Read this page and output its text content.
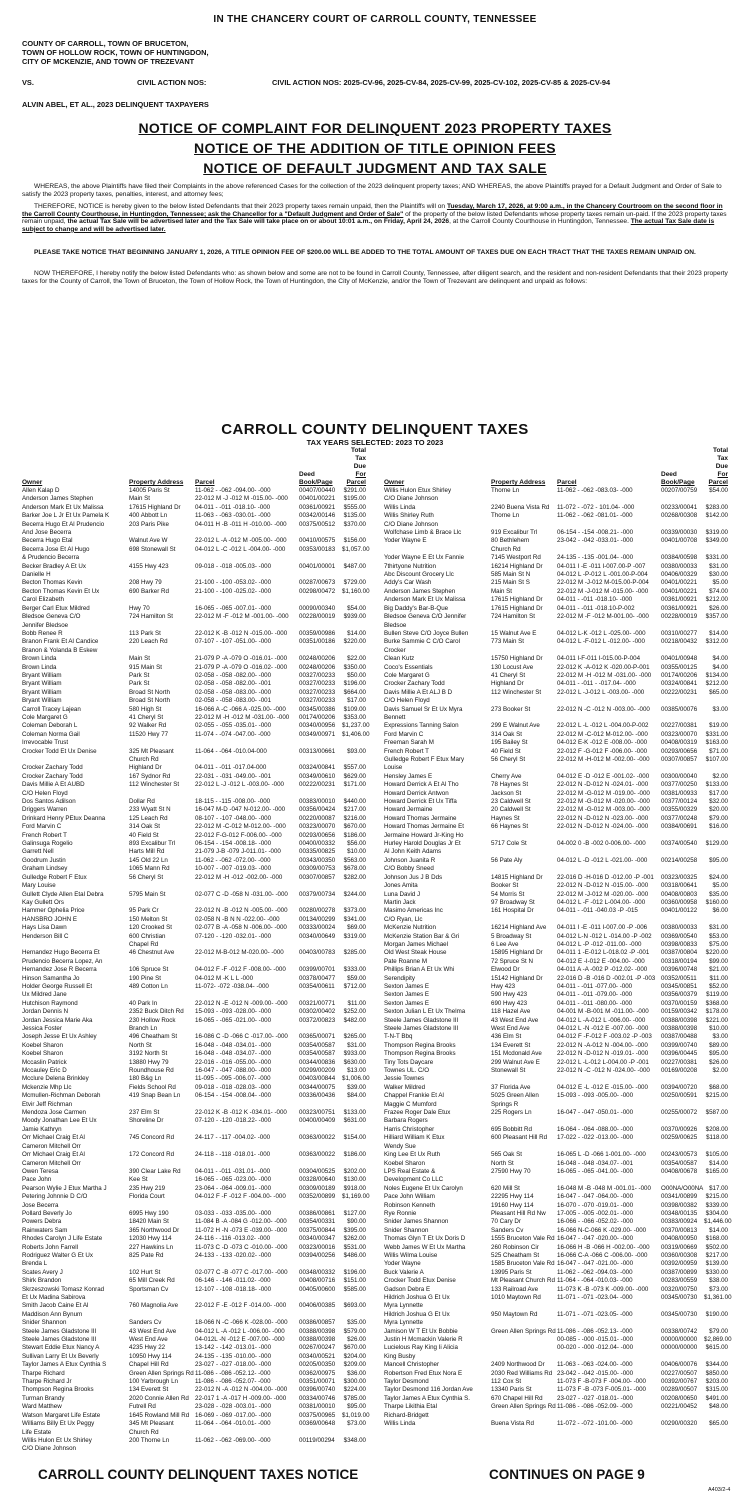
IN THE CHANCERY COURT OF CARROLL COUNTY, TENNESSEE
COUNTY OF CARROLL, TOWN OF BRUCETON,
TOWN OF HOLLOW ROCK, TOWN OF HUNTINGDON,
CITY OF MCKENZIE, AND TOWN OF TREZEVANT
VS.	CIVIL ACTION NOS:	CIVIL ACTION NOS: 2025-CV-96, 2025-CV-84, 2025-CV-99, 2025-CV-102, 2025-CV-85 & 2025-CV-94
ALVIN ABEL, ET AL., 2023 DELINQUENT TAXPAYERS
NOTICE OF COMPLAINT FOR DELINQUENT 2023 PROPERTY TAXES
NOTICE OF THE ADDITION OF TITLE OPINION FEES
NOTICE OF DEFAULT JUDGMENT AND TAX SALE
WHEREAS, the above Plaintiffs have filed their Complaints in the above referenced Cases for the collection of the 2023 delinquent property taxes; AND WHEREAS, the above Plaintiffs prayed for a Default Judgment and Order of Sale to satisfy the 2023 property taxes, penalties, interest, and attorney fees;
THEREFORE, NOTICE is hereby given to the below listed Defendants that their 2023 property taxes remain unpaid, then the Plaintiffs will on Tuesday, March 17, 2026, at 9:00 a.m., in the Chancery Courtroom on the second floor in the Carroll County Courthouse, in Huntingdon, Tennessee; ask the Chancellor for a "Default Judgment and Order of Sale" of the property of the below listed Defendants whose property taxes remain un-paid. If the 2023 property taxes remain unpaid, the actual Tax Sale will be advertised later and the Tax Sale will take place on or about 10:01 a.m., on Friday, April 24, 2026, at the Carroll County Courthouse in Huntingdon, Tennessee. The actual Tax Sale date is subject to change and will be advertised later.
PLEASE TAKE NOTICE THAT BEGINNING JANUARY 1, 2026, A TITLE OPINION FEE OF $200.00 WILL BE ADDED TO THE TOTAL AMOUNT OF TAXES DUE ON EACH TRACT THAT THE TAXES REMAIN UNPAID ON.
NOW THEREFORE, I hereby notify the below listed Defendants who: as shown below and some are not to be found in Carroll County, Tennessee, after diligent search, and the resident and non-resident Defendants that their 2023 property taxes for the County of Carroll, the Town of Bruceton, the Town of Hollow Rock, the Town of Huntingdon, the City of McKenzie, and/or the Town of Trezevant are delinquent and unpaid as follows:
CARROLL COUNTY DELINQUENT TAXES
TAX YEARS SELECTED: 2023 TO 2023
Owner	Property Address	Parcel	Deed
Book/Page	Total Tax Due
For Parcel
Allen Kalap D	14005 Paris St	11-062 - -062 -094.00- -000	00407/00440	$291.00
Anderson James Stephen	Main St	22-012 M -J -012 M -015.00- -000	00401/00221	$195.00
Anderson Mark Et Ux Malissa	17615 Highland Dr	04-011 - -011 -018.10- -000	00361/00921	$555.00
Barker Joe L Jr Et Ux Pamela K	400 Abbott Ln	11-063 - -063 -030.01- -000	00342/00146	$135.00
Becerra Hugo Et Al Prudencio	203 Paris Pike	04-011 H -B -011 H -010.00- -000	00375/00512	$370.00
And Jose Becerra				
Becerra Hugo Etal	Walnut Ave W	22-012 L -A -012 M -005.00- -000	00410/00575	$156.00
Becerra Jose Et Al Hugo	698 Stonewall St	04-012 L -C -012 L -004.00- -000	00353/00183	$1,057.00
& Prudencio Becerra				
Becker Bradley A Et Ux	4155 Hwy 423	09-018 - -018 -005.03- -000	00401/00001	$487.00
Danielle H				
Becton Thomas Kevin	208 Hwy 79	21-100 - -100 -053.02- -000	00287/00673	$729.00
Becton Thomas Kevin Et Ux	690 Barker Rd	21-100 - -100 -025.02- -000	00298/00472	$1,160.00
Carol Elizabeth				
Berger Carl Etux Mildred	Hwy 70	16-065 - -065 -007.01- -000	00090/00340	$54.00
Bledsoe Geneva C/O	724 Hamilton St	22-012 M -F -012 M -001.00- -000	00228/00019	$939.00
Jennifer Bledsoe				
Bobb Renee R	113 Park St	22-012 K -B -012 N -015.00- -000	00359/00986	$14.00
Branon Frank Et Al Candice	220 Leach Rd	07-107 - -107 -051.00- -000	00351/00186	$220.00
Branon & Yolanda B Eskew				
Brown Linda	Main St	21-079 P -A -079 O -016.01- -000	00248/00206	$22.00
Brown Linda	915 Main St	21-079 P -A -079 O -016.02- -000	00248/00206	$350.00
Bryant William	Park St	02-058 - -058 -082.00- -000	00327/00233	$50.00
Bryant William	Park St	02-058 - -058 -082.00- -001	00327/00233	$196.00
Bryant William	Broad St North	02-058 - -058 -083.00- -000	00327/00233	$664.00
Bryant William	Broad St North	02-058 - -058 -083.00- -001	00327/00233	$17.00
Carroll Tracey Lajean	580 High St	16-066 A -C -066 A -025.00- -000	00345/00386	$109.00
Cole Margaret G	41 Cheryl St	22-012 M -H -012 M -031.00- -000	00174/00206	$353.00
Coleman Deborah L	92 Walker Rd	02-055 - -055 -035.01- -000	00340/00956	$1,237.00
Coleman Norma Gail	11520 Hwy 77	11-074 - -074 -047.00- -000	00349/00971	$1,406.00
Irrevocable Trust				
Crocker Todd Et Ux Denise	325 Mt Pleasant	11-064 - -064 -010.04-000	00313/00661	$93.00
	Church Rd			
Crocker Zachary Todd	Highland Dr	04-011 - -011 -017.04-000	00324/00841	$557.00
Crocker Zachary Todd	167 Sydnor Rd	22-031 - -031 -049.00- -001	00349/00610	$629.00
Davis Millie A Et AUBD	112 Winchester St	22-012 L -J -012 L -003.00- -000	00222/00231	$171.00
C/O Helen Floyd				
Dos Santos Adilson	Dollar Rd	18-115 - -115 -008.00- -000	00383/00010	$440.00
Driggers Warren	233 Wyatt St N	16-047 M-D -047 N-012.00- -000	00356/00424	$217.00
Drinkard Henry PEtux Deanna	125 Leach Rd	08-107 - -107 -048.00- -000	00220/00087	$216.00
Ford Marvin C	314 Oak St	22-012 M -C-012 M-012.00- -000	00323/00070	$670.00
French Robert T	40 Field St	22-012 F-G-012 F-006.00- -000	00293/00656	$186.00
Galinsuga Rogelio	893 Excalibur Trl	06-154 - -154 -008.18- -000	00400/00332	$56.00
Garrett Nell	Harts Mill Rd	21-079 J-B -079 J-011.01- -000	00335/00825	$10.00
Goodrum Justin	145 Old 22 Ln	11-062 - -062 -072.00- -000	00343/00350	$563.00
Graham Lindsey	1065 Mann Rd	10-007 - -007 -019.03- -000	00309/00753	$678.00
Gulledge Robert F Etux	56 Cheryl St	22-012 M -H -012 -002.00- -000	00307/00857	$282.00
Mary Louise				
Gullett Clyde Allen Etal Debra	5795 Main St	02-077 C -D -058 N -031.00- -000	00379/00734	$244.00
Kay Gullett Ors				
Hammer Ophelia Price	95 Park Cr	22-012 N -B -012 N -005.00- -000	00280/00278	$373.00
HANSBRO JOHN E	150 Melton St	02-058 N -B N N -022.00- -000	00134/00299	$341.00
Hays Lisa Dawn	120 Crooked St	02-077 B -A -058 N -006.00- -000	00333/00024	$69.00
Henderson Bill C	600 Christian	07-120 - -120 -032.01- -000	00340/00649	$319.00
	Chapel Rd			
Hernandez Hugo Becerra Et	46 Chestnut Ave	22-012 M-B-012 M-020.00- -000	00403/00783	$285.00
Prudencio Becerra Lopez, An				
Hernandez Jose R Becerra	106 Spruce St	04-012 F -F -012 F -008.00- -000	00399/00701	$333.00
Hinson Samantha Jo	190 Pine St	04-012 M -K L L -000	00378/00477	$59.00
Holder George Russell Et	489 Cotton Ln	11-072- -072 -038.04- -000	00354/00611	$712.00
Ux Mildred Jane				
Hutchison Raymond	40 Park In	22-012 N -E -012 N -009.00- -000	00321/00771	$11.00
Jordan Dennis N	2352 Buck Ditch Rd	15-093 - -093 -028.00- -000	00302/00402	$252.00
Jordan Jessica Marie Aka	230 Hollow Rock	16-065 - -065 -021.00- -000	00372/00823	$482.00
Jessica Foster	Branch Ln			
Joseph Jesse Et Ux Ashley	496 Cheatham St	16-086 C -D -066 C -017.00- -000	00365/00071	$265.00
Koebel Sharon	North St	16-048 - -048 -034.01- -000	00354/00587	$31.00
Koebel Sharon	3192 North St	16-048 - -048 -034.07- -000	00354/00587	$933.00
Mccaslin Patrick	13880 Hwy 79	22-016 - -016 -055.00- -000	00344/00836	$630.00
Mccauley Eric D	Roundhouse Rd	16-047 - -047 -088.00- -000	00299/00209	$13.00
Mcclure Delena Brinkley	180 B&g Ln	11-095 - -095 -006.07- -000	00403/00844	$1,006.00
Mckenzie Mhp Llc	Fields School Rd	09-018 - -018 -028.03- -000	00344/00075	$39.00
Mcmullen-Richman Deborah	419 Snap Bean Ln	06-154 - -154 -008.04- -000	00336/00436	$84.00
Etvir Jeff Richman				
Mendoza Jose Carmen	237 Elm St	22-012 K -B -012 K -034.01- -000	00323/00751	$133.00
Moody Jonathan Lee Et Ux	Shoreline Dr	07-120 - -120 -018.22- -000	00400/00409	$631.00
Jamie Kathryn				
Orr Michael Craig Et Al	745 Concord Rd	24-117 - -117 -004.02- -000	00363/00022	$154.00
Cameron Mitchell Orr				
Orr Michael Craig Et Al	172 Concord Rd	24-118 - -118 -018.01- -000	00363/00022	$186.00
Cameron Mitchell Orr				
Owen Teresa	390 Clear Lake Rd	04-011 - -011 -031.01- -000	00304/00525	$202.00
Pace John	Kee St	16-065 - -065 -023.00- -000	00328/00640	$130.00
Pearson Wylie J Etux Martha J	235 Hwy 219	23-064 - -064 -009.01- -000	00309/00189	$918.00
Petering Johnnie D C/O	Florida Court	04-012 F -F -012 F -004.00- -000	00352/00899	$1,169.00
Jose Becerra				
Pollard Beverly Jo	6995 Hwy 190	03-033 - -033 -035.00- -000	00386/00861	$127.00
Powers Debra	18420 Main St	11-084 B -A -084 G -012.00- -000	00354/00331	$90.00
Rainwaters Sam	365 Northwood Dr	11-072 H -N -073 E -039.00- -000	00375/00844	$395.00
Rhodes Carolyn J Life Estate	12030 Hwy 114	24-116 - -116 -013.02- -000	00340/00347	$262.00
Roberts John Farrell	227 Hawkins Ln	11-073 C -D -073 C -010.00- -000	00323/00016	$531.00
Rodriguez Walter G Et Ux	825 Pate Rd	24-133 - -133 -020.02- -000	00394/00256	$486.00
Brenda L				
Scates Avery J	102 Hurt St	02-077 C -B -077 C -017.00- -000	00348/00332	$196.00
Shirk Brandon	65 Mill Creek Rd	06-146 - -146 -011.02- -000	00408/00716	$151.00
Skrzeszowski Tomasz Konrad	Sportsman Cv	12-107 - -108 -018.18- -000	00405/00600	$585.00
Et Ux Madina Sabirova				
Smith Jacob Caine Et Al	760 Magnolia Ave	22-012 F -E -012 F -014.00- -000	00406/00385	$693.00
Maddison Ann Bynum				
Snider Shannon	Sanders Cv	18-066 N -C -066 K -028.00- -000	00386/00857	$35.00
Steele James Gladstone III	43 West End Ave	04-012 L -A -012 L -006.00- -000	00388/00398	$579.00
Steele James Gladstone III	West End Ave	04-012L -N -012 E -007.00- -000	00388/00398	$26.00
Stewart Eddie Etux Nancy A	4235 Hwy 22	13-142 - -142 -013.01- -000	00267/00247	$670.00
Sullivan Larry Et Ux Beverly	10950 Hwy 114	24-135 - -135 -010.00- -000	00340/00521	$204.00
Taylor James A Etux Cynthia S	Chapel Hill Rd	23-027 - -027 -018.00- -000	00205/00350	$209.00
Tharpe Richard	Green Allen Springs Rd	11-086 - -086 -052.12- -000	00362/00975	$36.00
Tharpe Richard Jr	100 Yarbrough Ln	11-086 - -086 -052.07- -000	00351/00071	$300.00
Thompson Regina Brooks	134 Everett St	22-012 N -A -012 N -004.00- -000	00396/00740	$224.00
Turman Brandy	2020 Connie Allen Rd	22-017 1 -A -017 H -009.00- -000	00334/00746	$785.00
Ward Matthew	Futrell Rd	23-028 - -028 -003.01- -000	00381/00010	$95.00
Watson Margaret Life Estate	1645 Rowland Mill Rd	16-069 - -069 -017.00- -000	00375/00965	$1,019.00
Williams Billy Et Ux Peggy	345 Mt Pleasant	11-064 - -064 -010.01- -000	00369/00648	$73.00
Life Estate	Church Rd			
Willis Hulon Et Ux Shirley	200 Thorne Ln	11-062 - -062 -069.00- -000	00119/00294	$348.00
C/O Diane Johnson				
Owner	Property Address	Parcel	Deed
Book/Page	Total Tax Due
For Parcel
Willis Hulon Etux Shirley	Thorne Ln	11-062 - -062 -083.03- -000	00207/00759	$54.00
C/O Diane Johnson				
Willis Linda	2240 Buena Vista Rd	11-072 - -072 - 101.04- -000	00233/00041	$283.00
Willis Shirley Ruth	Thorne Ln	11-062 - -062 -081.01- -000	00268/00308	$142.00
C/O Diane Johnson				
Wolfchase Limb & Brace Llc	919 Excalibur Trl	06-154 - -154 -008.21- -000	00339/00030	$319.00
Yoder Wayne E	80 Bethlehem	23-042 - -042 -033.01- -000	00401/00708	$349.00
	Church Rd			
Yoder Wayne E Et Ux Fannie	7145 Westport Rd	24-135 - -135 -001.04- -000	00384/00598	$331.00
7thirtyone Nutrition	16214 Highland Dr	04-011 I -E -011 I-007.00-P -007	00380/00033	$31.00
Abc Discount Grocery Llc	585 Main St N	04-012 L -P-012 L -001.00-P-004	00406/00329	$30.00
Addy's Car Wash	215 Main St S	22-012 M -J-012 M-015.00-P-004	00401/00221	$5.00
Anderson James Stephen	Main St	22-012 M -J-012 M -015.00- -000	00401/00221	$74.00
Anderson Mark Et Ux Malissa	17615 Highland Dr	04-011 - -011 -018.10- -000	00361/00921	$212.00
Big Daddy's Bar-B-Que	17615 Highland Dr	04-011 - -011 -018.10-P-002	00361/00921	$26.00
Bledsoe Geneva C/O Jennifer	724 Hamilton St	22-012 M -F -012 M-001.00- -000	00228/00019	$357.00
Bledsoe				
Bullen Steve C/O Joyce Bullen	15 Walnut Ave E	04-012 L-K -012 L -025.00- -000	00310/00277	$14.00
Burke Sammie C C/O Carol	773 Main St	04-012 L -F-012 L -012.00- -000	00218/00432	$312.00
Crocker				
Clean Kutz	15750 Highland Dr	04-011 I-F-011 I-015.00-P-004	00401/00948	$4.00
Coco's Essentials	130 Locust Ave	22-012 K -A-012 K -020.00-P-001	00355/00125	$4.00
Cole Margaret G	41 Cheryl St	22-012 M -H -012 M -031.00- -000	00174/00206	$134.00
Crocker Zachary Todd	Highland Dr	04-011 - -011 - -017.04- -000	00324/00841	$212.00
Davis Millie A Et ALJ B D	112 Winchester St	22-012 L -J-012 L -003.00- -000	00222/00231	$65.00
C/O Helen Floyd				
Davis Samuel Sr Et Ux Myra	273 Booker St	22-012 N -C -012 N -003.00- -000	00385/00076	$3.00
Bennett				
Expressions Tanning Salon	299 E Walnut Ave	22-012 L -L -012 L -004.00-P-002	00227/00381	$19.00
Ford Marvin C	314 Oak St	22-012 M -C-012 M-012.00- -000	00323/00070	$331.00
Freeman Sarah M	195 Bailey St	04-012 E-K -012 E -008.00- -000	00408/00319	$163.00
French Robert T	40 Field St	22-012 F -G-012 F -006.00- -000	00293/00656	$71.00
Gulledge Robert F Etux Mary	56 Cheryl St	22-012 M -H-012 M -002.00- -000	00307/00857	$107.00
Louise				
Hensley James E	Cherry Ave	04-012 E -D -012 E -001.02- -000	00300/00040	$2.00
Howard Derrick A Et Al Tho	78 Haynes St	22-012 N -D-012 N -024.01- -000	00377/00250	$133.00
Howard Derrick Antwon	Jackson St	22-012 M -G-012 M -019.00- -000	00381/00933	$17.00
Howard Derrick Et Ux Tiffa	23 Caldwell St	22-012 M -G-012 M -020.00- -000	00377/00124	$32.00
Howard Jermaine	20 Caldwell St	22-012 M -G-012 M -003.00- -000	00355/00329	$20.00
Howard Thomas Jermaine	Haynes St	22-012 N -D-012 N -023.00- -000	00377/00248	$79.00
Howard Thomas Jermaine Et	66 Haynes St	22-012 N -D-012 N -024.00- -000	00384/00691	$16.00
Jermaine Howard Jr-King Ho				
Hurley Harold Douglas Jr Et	5717 Cole St	04-002 0 -B -002 0-006.00- -000	00374/00540	$129.00
Al John Keith Adams				
Johnson Juanita R	56 Pate Aly	04-012 L -D -012 L -021.00- -000	00214/00258	$95.00
C/O Bobby Sneed				
Johnson Jus J B Dds	14815 Highland Dr	22-016 D -H-016 D -012.00 -P -001	00323/00325	$24.00
Jones Amita	Booker St	22-012 N -D-012 N -015.00- -000	00318/00641	$5.00
Luna David J	54 Morris St	22-012 M -J-012 M -020.00- -000	00408/00803	$35.00
Martin Jack	97 Broadway St	04-012 L -F -012 L-004.00- -000	00360/00958	$160.00
Masimo Americas Inc	161 Hospital Dr	04-011 - -011 -040.03 -P -015	00401/00122	$6.00
C/O Ryan, Llc				
McKenzie Nutrition	16214 Highland Ave	04-011 I -E -011 I-007.00 -P -006	00380/00033	$31.00
McKenzie Station Bar & Gri	5 Broadway St	04-012 L-N -012 L -014.00 -P -002	00369/00540	$53.00
Morgan James Michael	6 Lee Ave	04-012 L -P -012 -011.00- -000	00398/00833	$75.00
Old West Steak House	15895 Highland Dr	04-011 1 -E-012 L-018.02 -P -001	00387/00804	$220.00
Pate Roanne M	72 Spruce St N	04-012 E -I-012 E -004.00- -000	00318/00194	$99.00
Phillips Brian A Et Ux Whi	Elwood Dr	04-011 A -A -002 P -012.02- -000	00396/00748	$21.00
Serendipity	15142 Highland Dr	22-016 D -B -016 D -002.01 -P -003	00352/00511	$11.00
Sexton James E	Hwy 423	04-011 - -011 -077.00- -000	00345/00851	$52.00
Sexton James E	590 Hwy 423	04-011 - -011 -079.00- -000	00356/00379	$119.00
Sexton James E	690 Hwy 423	04-011 - -011 -080.00- -000	00370/00159	$368.00
Sexton Julian L Et Ux Thelma	118 Hazel Ave	04-001 M -B-001 M -011.00- -000	00159/00342	$178.00
Steele James Gladstone III	43 West End Ave	04-012 L -A-012 L -006.00- -000	00388/00398	$221.00
Steele James Gladstone III	West End Ave	04-012 L -N -012 E -007.00- -000	00388/00398	$10.00
T-N-T Bbq	436 Elm St	04-012 F -F-012 F -003.02 -P -003	00387/00488	$3.00
Thompson Regina Brooks	134 Everett St	22-012 N -A-012 N -004.00- -000	00399/00740	$89.00
Thompson Regina Brooks	151 Mcdonald Ave	22-012 N -D-012 N -019.01- -000	00396/00445	$95.00
Tiny Tots Daycare	299 Walnut Ave E	22-012 L -L-012 L-004.00 -P -001	00227/00381	$26.00
Townes UL. C/O	Stonewall St	22-012 N -C -012 N -024.00- -000	00169/00208	$2.00
Jessie Townes				
Walker Mildred	37 Florida Ave	04-012 E -L -012 E -015.00- -000	00394/00720	$68.00
Chappel Frankie Et Al	5025 Green Allen	15-093 - -093 -005.00- -000	00250/00591	$215.00
Maggie C Mumford	Springs R			
Frazee Roger Dale Etux	225 Rogers Ln	16-047 - -047 -050.01- -000	00255/00072	$587.00
Barbara Rogers				
Harris Christopher	695 Bobbitt Rd	16-064 - -064 -088.00- -000	00370/00926	$208.00
Hilliard William K Etux	600 Pleasant Hill Rd	17-022 - -022 -013.00- -000	00259/00625	$118.00
Wendy Sue				
King Lee Et Ux Ruth	565 Oak St	16-065 L -D -066 1-001.00- -000	00243/00573	$105.00
Koebel Sharon	North St	16-048 - -048 -034.07- -001	00354/00587	$14.00
LPS Real Estate &	27590 Hwy 70	16-065 - -065 -041.00- -000	00408/00678	$165.00
Development Co LLC				
Noles Eugene Et Ux Carolyn	620 Mill St	16-048 M -B -048 M -001.01- -000	O00NA/O00NA	$17.00
Pace John William	22295 Hwy 114	16-047 - -047 -064.00- -000	00341/00899	$215.00
Robinson Kenneth	19160 Hwy 114	16-070 - -070 -019.01- -000	00398/00382	$339.00
Rye Ronnie	Pleasant Hill Rd Nw	17-005 - -005 -002.01- -000	00348/00135	$304.00
Snider James Shannon	70 Cary Dr	16-066 - -066 -052.02- -000	00383/00924	$1,446.00
Snider Shannon	Sanders Cv	16-066 N-C-066 K -029.00- -000	00370/00813	$14.00
Thomas Glyn T Et Ux Doris D	1555 Bruceton Vale Rd	16-047 - -047 -020.00- -000	00408/00950	$168.00
Webb James W Et Ux Martha	260 Robinson Cir	16-066 H -B -066 H -002.00- -000	00319/00669	$502.00
Willis Wilma Louise	525 Cheatham St	16-066 C-A -066 C -006.00- -000	00360/00308	$217.00
Yoder Wayne	1585 Bruceton Vale Rd	16-047 - -047 -021.00- -000	00392/00959	$139.00
Buck Valerie A	13995 Paris St	11-062 - -062 -094.03- -000	00387/00899	$330.00
Crocker Todd Etux Denise	Mt Pleasant Church Rd	11-064 - -064 -010.03- -000	00283/00559	$38.00
Gadson Debra E	133 Railroad Ave	11-073 K -B -073 K -009.00- -000	00320/00750	$73.00
Hildrich Joshua G Et Ux	1010 Maytown Rd	11-071 - -071 -023.04- -000	00345/00730	$1,361.00
Myra Lynnette				
Hildrich Joshua G Et Ux	950 Maytown Rd	11-071 - -071 -023.05- -000	00345/00730	$190.00
Myra Lynnette				
Jamison W T Et Ux Bobbie	Green Allen Springs Rd	11-086 - -086 -052.13- -000	00338/00742	$79.00
Justin H Mcmackin Valerie R		00-085 - -000 -015.01- -000	00000/00000	$2,869.00
Lucielous Ray King Ii Alicia		00-020 - -000 -012.04- -000	00000/00000	$615.00
King Busby				
Mancell Christopher	2409 Northwood Dr	11-063 - -063 -024.00- -000	00406/00076	$344.00
Robertson Fred Etux Nora E	2030 Red Williams Rd	23-042 - -042 -015.00- -000	00227/00507	$850.00
Taylor Desmond	112 Cox St	11-073 F -B-073 F -004.00- -000	00392/00767	$203.00
Taylor Desmond 116 Jordan Ave	13340 Paris St	11-073 F -B -073 F-005.01- -000	00289/00507	$315.00
Taylor James A Etux Cynthia S.	670 Chapel Hill Rd	23-027 - -027 -018.01- -000	00208/00650	$491.00
Tharpe Likithia Etal	Green Allen Springs Rd	11-086 - -086 -052.09- -000	00221/00452	$48.00
Richard-Bridgett				
Willis Linda	Buena Vista Rd	11-072 - -072 -101.00- -000	00290/00320	$65.00
CARROLL COUNTY DELINQUENT TAXES NOTICE	CONTINUES ON PAGE 9
A403/2-4
